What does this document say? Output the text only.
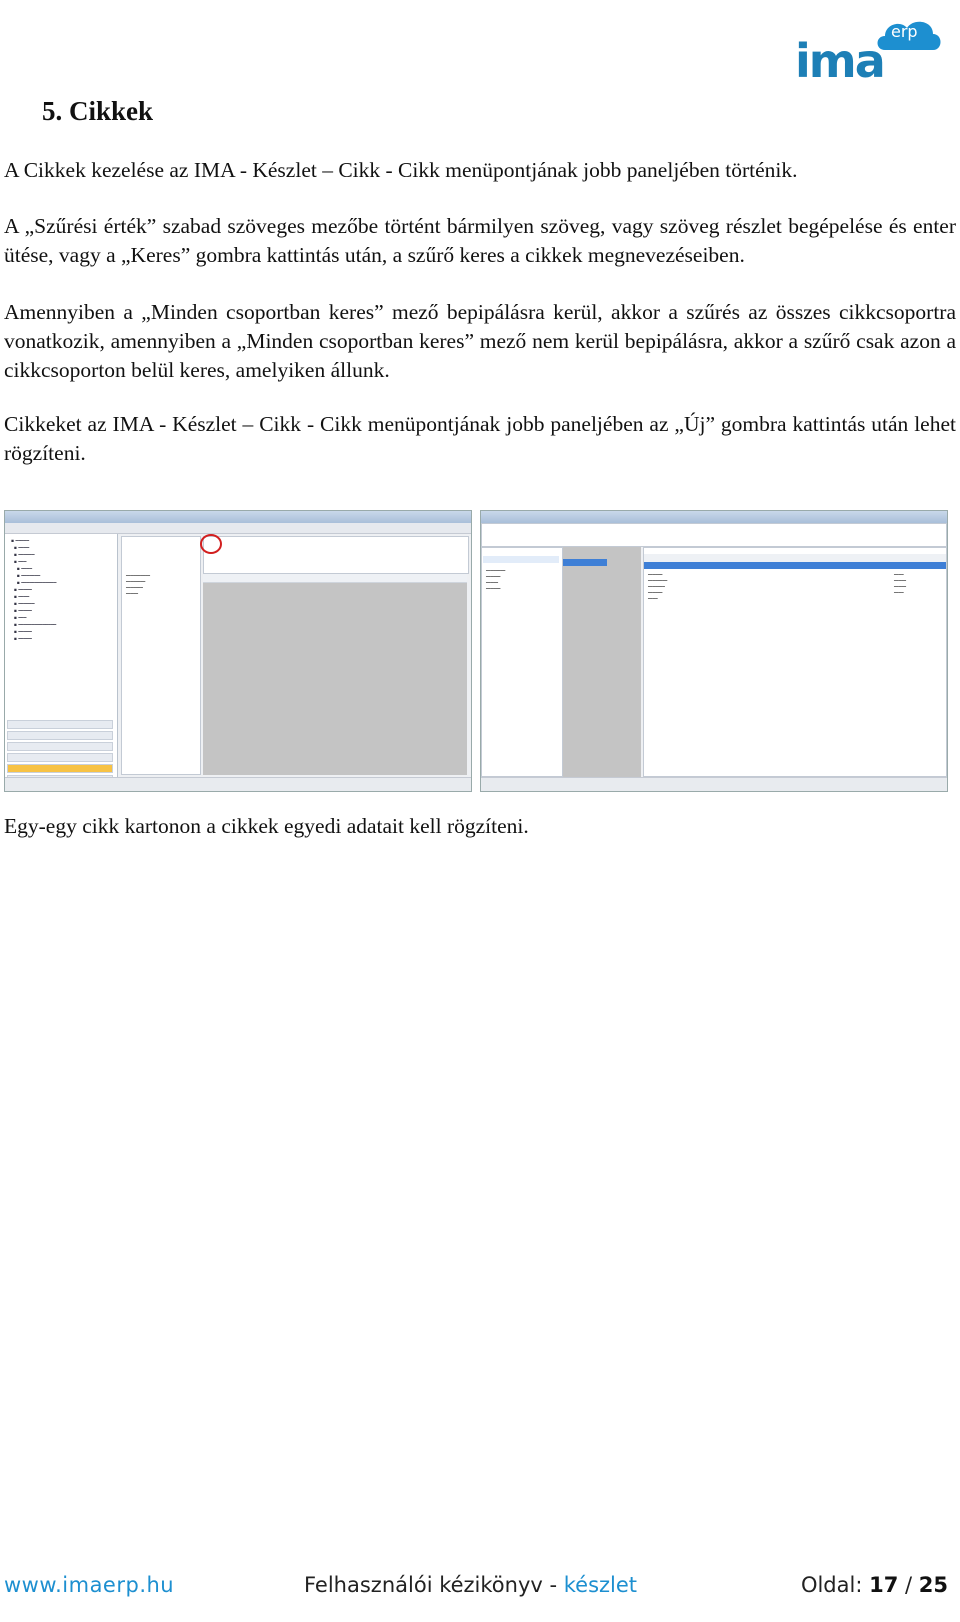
erp
ima
5. Cikkek

A Cikkek kezelése az IMA - Készlet – Cikk - Cikk menüpontjának jobb paneljében történik.

A „Szűrési érték” szabad szöveges mezőbe történt bármilyen szöveg, vagy szöveg részlet begépelése és enter ütése, vagy a „Keres” gombra kattintás után, a szűrő keres a cikkek megnevezéseiben.

Amennyiben a „Minden csoportban keres” mező bepipálásra kerül, akkor a szűrés az összes cikkcsoportra vonatkozik, amennyiben a „Minden csoportban keres” mező nem kerül bepipálásra, akkor a szűrő csak azon a cikkcsoporton belül keres, amelyiken állunk.

Cikkeket az IMA - Készlet – Cikk - Cikk menüpontjának jobb paneljében az „Új” gombra kattintás után lehet rögzíteni.

▪ ━━━━━
▪ ━━━━
▪ ━━━━━━
▪ ━━━
▪ ━━━━
▪ ━━━━━━━
▪ ━━━━━━━━━━━━━
▪ ━━━━━
▪ ━━━━
▪ ━━━━━━
▪ ━━━━━
▪ ━━━
▪ ━━━━━━━━━━━━━━
▪ ━━━━━
▪ ━━━━━
━━━━━━━━━━
━━━━━━━━
━━━━━━━
━━━━━
━━━━━━━━
━━━━━━
━━━━━
━━━━━━
━━━━━━
━━━━━━━━
━━━━━━━
━━━━━━
━━━━
━━━━
━━━━━
━━━━━
━━━━

Egy-egy cikk kartonon a cikkek egyedi adatait kell rögzíteni.

www.imaerp.hu	Felhasználói kézikönyv - készlet	Oldal: 17 / 25
